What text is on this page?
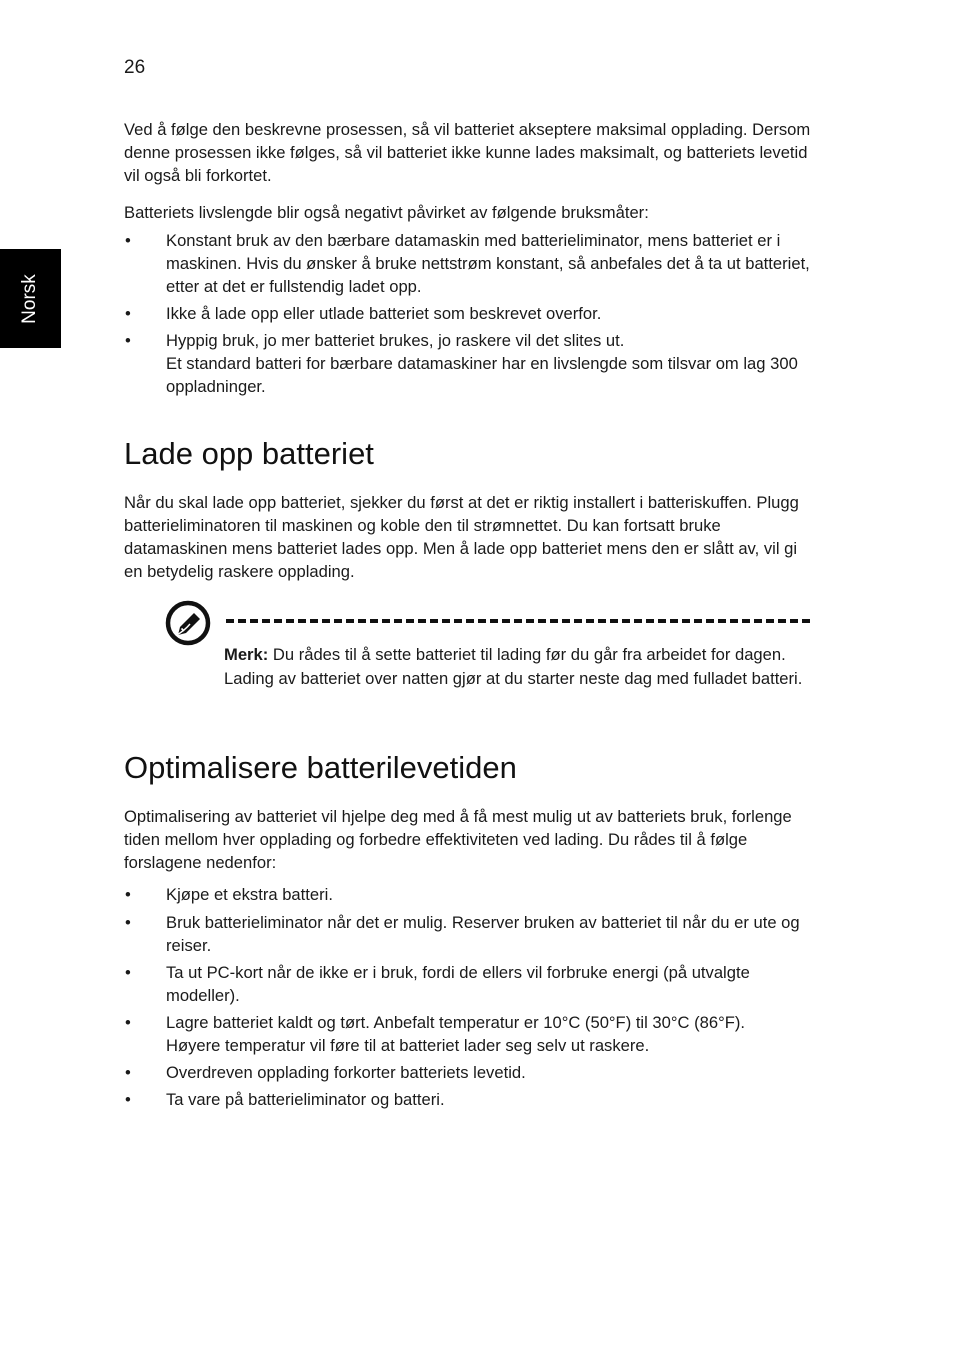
26
Norsk

Ved å følge den beskrevne prosessen, så vil batteriet akseptere maksimal opplading. Dersom denne prosessen ikke følges, så vil batteriet ikke kunne lades maksimalt, og batteriets levetid vil også bli forkortet.

Batteriets livslengde blir også negativt påvirket av følgende bruksmåter:

• Konstant bruk av den bærbare datamaskin med batterieliminator, mens batteriet er i maskinen. Hvis du ønsker å bruke nettstrøm konstant, så anbefales det å ta ut batteriet, etter at det er fullstendig ladet opp.
• Ikke å lade opp eller utlade batteriet som beskrevet overfor.
• Hyppig bruk, jo mer batteriet brukes, jo raskere vil det slites ut.
Et standard batteri for bærbare datamaskiner har en livslengde som tilsvar om lag 300 oppladninger.
Lade opp batteriet

Når du skal lade opp batteriet, sjekker du først at det er riktig installert i batteriskuffen. Plugg batterieliminatoren til maskinen og koble den til strømnettet. Du kan fortsatt bruke datamaskinen mens batteriet lades opp. Men å lade opp batteriet mens den er slått av, vil gi en betydelig raskere opplading.

Merk: Du rådes til å sette batteriet til lading før du går fra arbeidet for dagen. Lading av batteriet over natten gjør at du starter neste dag med fulladet batteri.

Optimalisere batterilevetiden

Optimalisering av batteriet vil hjelpe deg med å få mest mulig ut av batteriets bruk, forlenge tiden mellom hver opplading og forbedre effektiviteten ved lading. Du rådes til å følge forslagene nedenfor:

• Kjøpe et ekstra batteri.
• Bruk batterieliminator når det er mulig. Reserver bruken av batteriet til når du er ute og reiser.
• Ta ut PC-kort når de ikke er i bruk, fordi de ellers vil forbruke energi (på utvalgte modeller).
• Lagre batteriet kaldt og tørt. Anbefalt temperatur er 10°C (50°F) til 30°C (86°F).
Høyere temperatur vil føre til at batteriet lader seg selv ut raskere.
• Overdreven opplading forkorter batteriets levetid.
• Ta vare på batterieliminator og batteri.
